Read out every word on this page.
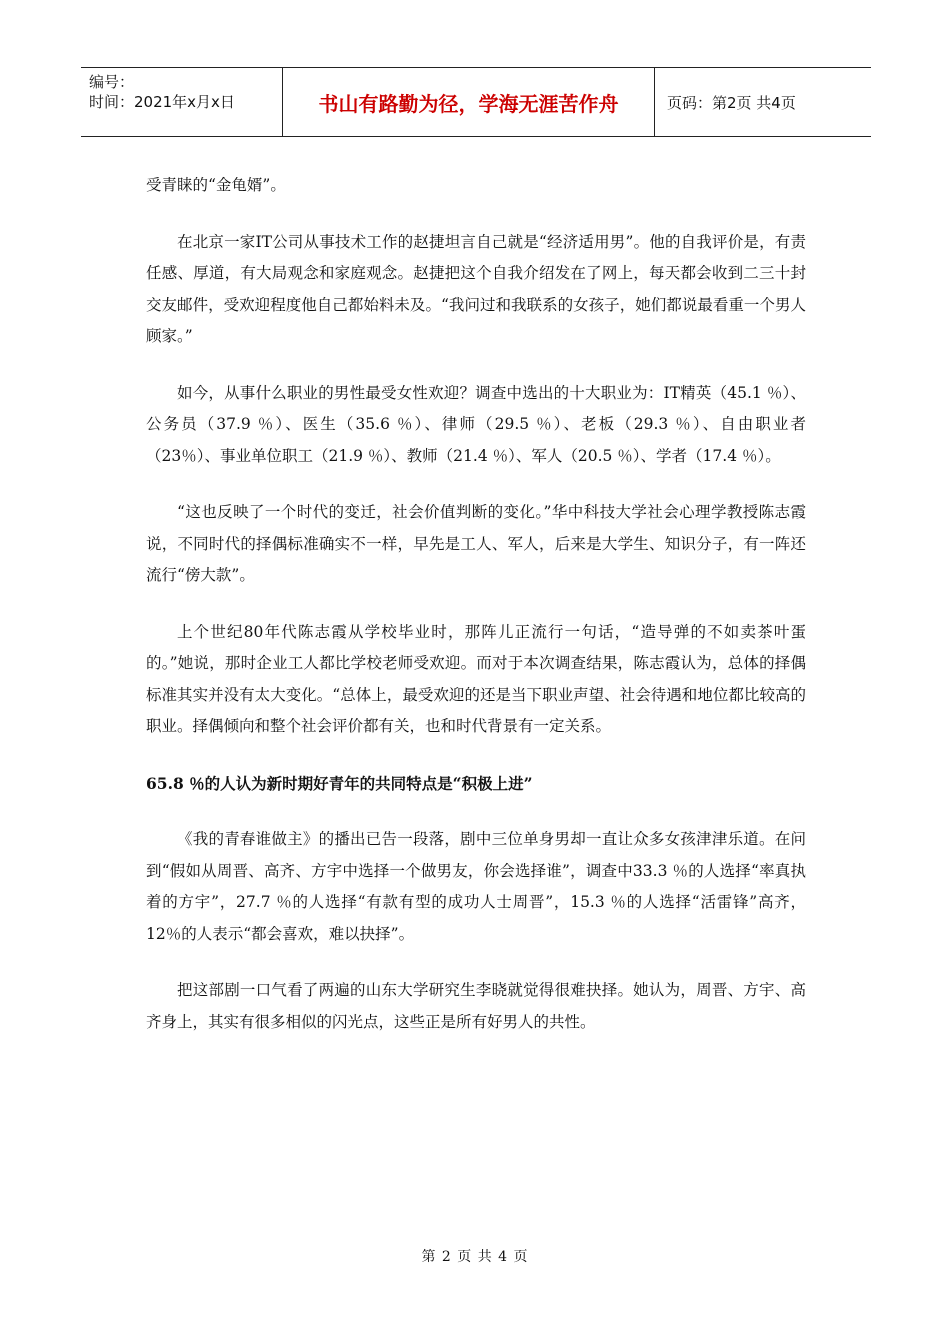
编号：
时间：2021年x月x日	书山有路勤为径，学海无涯苦作舟	页码：第2页 共4页

受青睐的“金龟婿”。

在北京一家IT公司从事技术工作的赵捷坦言自己就是“经济适用男”。他的自我评价是，有责任感、厚道，有大局观念和家庭观念。赵捷把这个自我介绍发在了网上，每天都会收到二三十封交友邮件，受欢迎程度他自己都始料未及。“我问过和我联系的女孩子，她们都说最看重一个男人顾家。”

如今，从事什么职业的男性最受女性欢迎？调查中选出的十大职业为：IT精英（45.1 ％）、公务员（37.9 ％）、医生（35.6 ％）、律师（29.5 ％）、老板（29.3 ％）、自由职业者（23％）、事业单位职工（21.9 ％）、教师（21.4 ％）、军人（20.5 ％）、学者（17.4 ％）。

“这也反映了一个时代的变迁，社会价值判断的变化。”华中科技大学社会心理学教授陈志霞说，不同时代的择偶标准确实不一样，早先是工人、军人，后来是大学生、知识分子，有一阵还流行“傍大款”。

上个世纪80年代陈志霞从学校毕业时，那阵儿正流行一句话，“造导弹的不如卖茶叶蛋的。”她说，那时企业工人都比学校老师受欢迎。而对于本次调查结果，陈志霞认为，总体的择偶标准其实并没有太大变化。“总体上，最受欢迎的还是当下职业声望、社会待遇和地位都比较高的职业。择偶倾向和整个社会评价都有关，也和时代背景有一定关系。

65.8 ％的人认为新时期好青年的共同特点是“积极上进”

《我的青春谁做主》的播出已告一段落，剧中三位单身男却一直让众多女孩津津乐道。在问到“假如从周晋、高齐、方宇中选择一个做男友，你会选择谁”，调查中33.3 ％的人选择“率真执着的方宇”，27.7 ％的人选择“有款有型的成功人士周晋”，15.3 ％的人选择“活雷锋”高齐，12％的人表示“都会喜欢，难以抉择”。

把这部剧一口气看了两遍的山东大学研究生李晓就觉得很难抉择。她认为，周晋、方宇、高齐身上，其实有很多相似的闪光点，这些正是所有好男人的共性。

第 2 页 共 4 页
